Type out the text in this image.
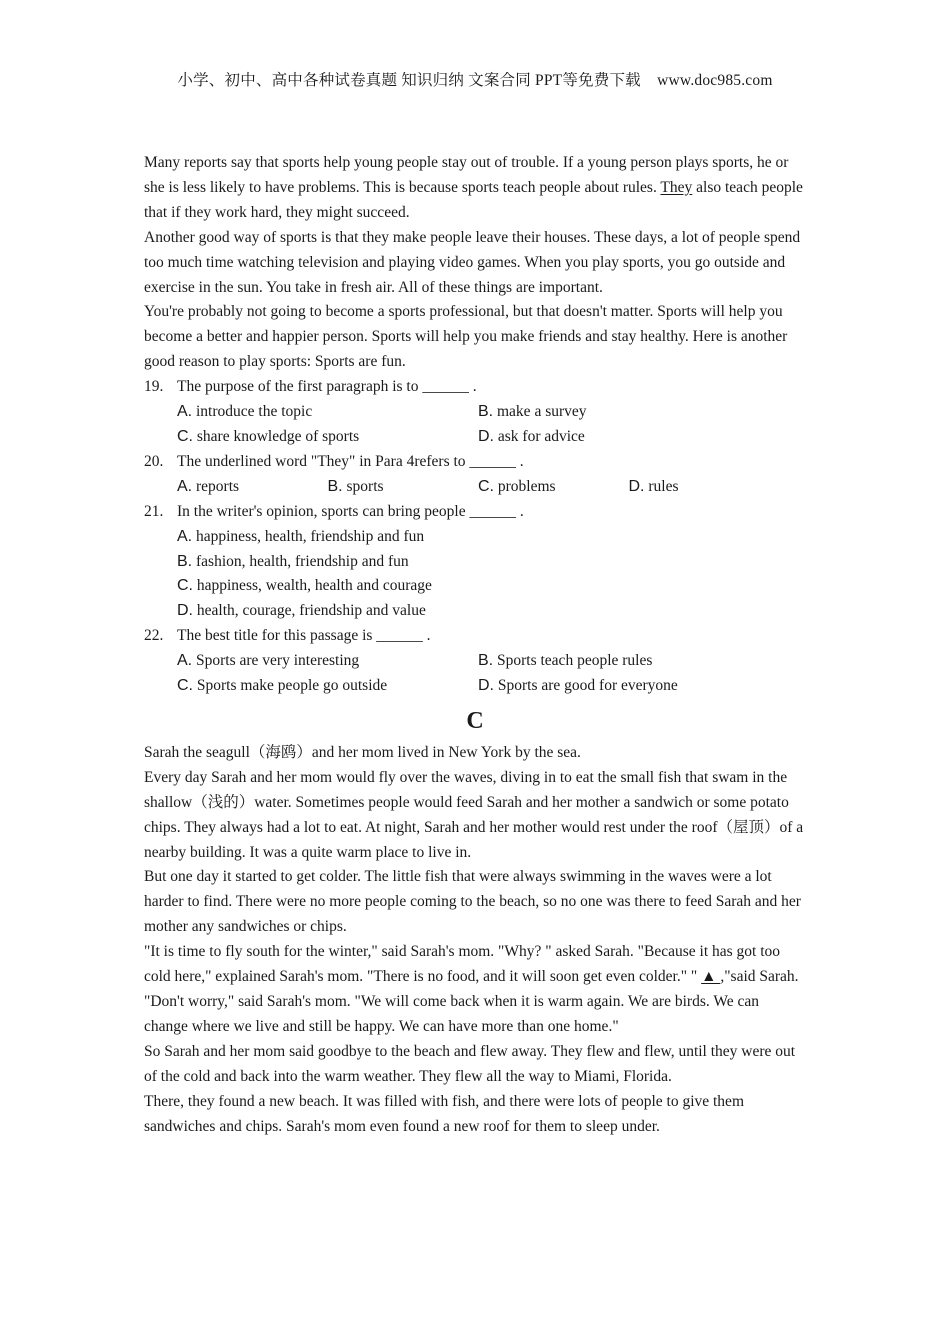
小学、初中、高中各种试卷真题 知识归纳 文案合同 PPT等免费下载    www.doc985.com

Many reports say that sports help young people stay out of trouble. If a young person plays sports, he or she is less likely to have problems. This is because sports teach people about rules. They also teach people that if they work hard, they might succeed.

Another good way of sports is that they make people leave their houses. These days, a lot of people spend too much time watching television and playing video games. When you play sports, you go outside and exercise in the sun. You take in fresh air. All of these things are important.

You're probably not going to become a sports professional, but that doesn't matter. Sports will help you become a better and happier person. Sports will help you make friends and stay healthy. Here is another good reason to play sports: Sports are fun.

19. The purpose of the first paragraph is to ______ .

A. introduce the topic	B. make a survey
C. share knowledge of sports	D. ask for advice

20. The underlined word "They" in Para 4refers to ______ .

A. reports	B. sports	C. problems	D. rules

21. In the writer's opinion, sports can bring people ______ .

A. happiness, health, friendship and fun
B. fashion, health, friendship and fun
C. happiness, wealth, health and courage
D. health, courage, friendship and value

22. The best title for this passage is ______ .

A. Sports are very interesting	B. Sports teach people rules
C. Sports make people go outside	D. Sports are good for everyone
C

Sarah the seagull（海鸥）and her mom lived in New York by the sea.

Every day Sarah and her mom would fly over the waves, diving in to eat the small fish that swam in the shallow（浅的）water. Sometimes people would feed Sarah and her mother a sandwich or some potato chips. They always had a lot to eat. At night, Sarah and her mother would rest under the roof（屋顶）of a nearby building. It was a quite warm place to live in.

But one day it started to get colder. The little fish that were always swimming in the waves were a lot harder to find. There were no more people coming to the beach, so no one was there to feed Sarah and her mother any sandwiches or chips.

"It is time to fly south for the winter," said Sarah's mom. "Why? " asked Sarah. "Because it has got too cold here," explained Sarah's mom. "There is no food, and it will soon get even colder." " ▲ ,"said Sarah. "Don't worry," said Sarah's mom. "We will come back when it is warm again. We are birds. We can change where we live and still be happy. We can have more than one home."

So Sarah and her mom said goodbye to the beach and flew away. They flew and flew, until they were out of the cold and back into the warm weather. They flew all the way to Miami, Florida.

There, they found a new beach. It was filled with fish, and there were lots of people to give them sandwiches and chips. Sarah's mom even found a new roof for them to sleep under.
